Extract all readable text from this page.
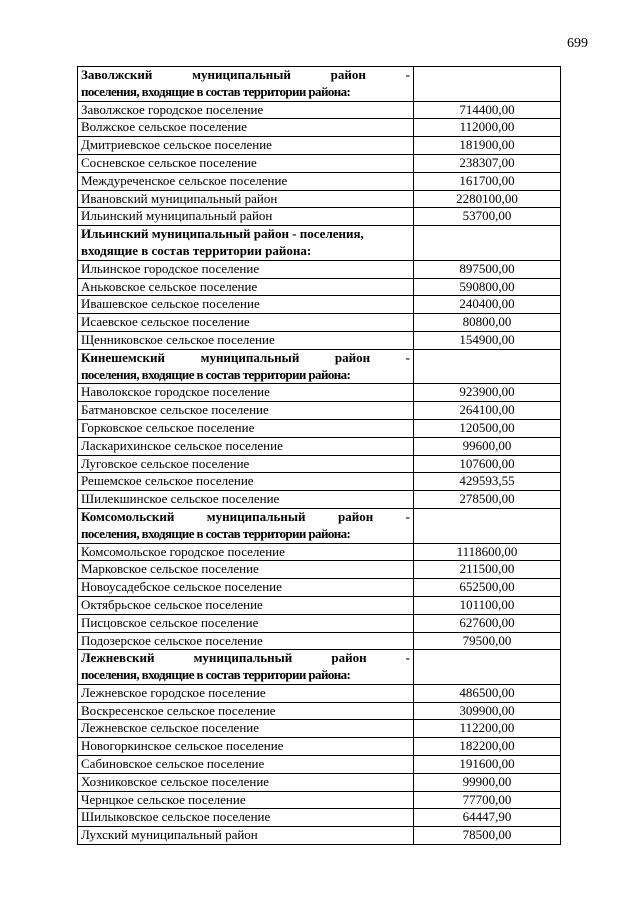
699
Заволжский муниципальный район -
поселения, входящие в состав территории района:	

Заволжское городское поселение	714400,00
Волжское сельское поселение	112000,00
Дмитриевское сельское поселение	181900,00
Сосневское сельское поселение	238307,00
Междуреченское сельское поселение	161700,00
Ивановский муниципальный район	2280100,00
Ильинский муниципальный район	53700,00

Ильинский муниципальный район - поселения,
входящие в состав территории района:	

Ильинское городское поселение	897500,00
Аньковское сельское поселение	590800,00
Ивашевское сельское поселение	240400,00
Исаевское сельское поселение	80800,00
Щенниковское сельское поселение	154900,00

Кинешемский муниципальный район -
поселения, входящие в состав территории района:	

Наволокское городское поселение	923900,00
Батмановское сельское поселение	264100,00
Горковское сельское поселение	120500,00
Ласкарихинское сельское поселение	99600,00
Луговское сельское поселение	107600,00
Решемское сельское поселение	429593,55
Шилекшинское сельское поселение	278500,00

Комсомольский муниципальный район -
поселения, входящие в состав территории района:	

Комсомольское городское поселение	1118600,00
Марковское сельское поселение	211500,00
Новоусадебское сельское поселение	652500,00
Октябрьское сельское поселение	101100,00
Писцовское сельское поселение	627600,00
Подозерское сельское поселение	79500,00

Лежневский муниципальный район -
поселения, входящие в состав территории района:	

Лежневское городское поселение	486500,00
Воскресенское сельское поселение	309900,00
Лежневское сельское поселение	112200,00
Новогоркинское сельское поселение	182200,00
Сабиновское сельское поселение	191600,00
Хозниковское сельское поселение	99900,00
Чернцкое сельское поселение	77700,00
Шилыковское сельское поселение	64447,90
Лухский муниципальный район	78500,00
